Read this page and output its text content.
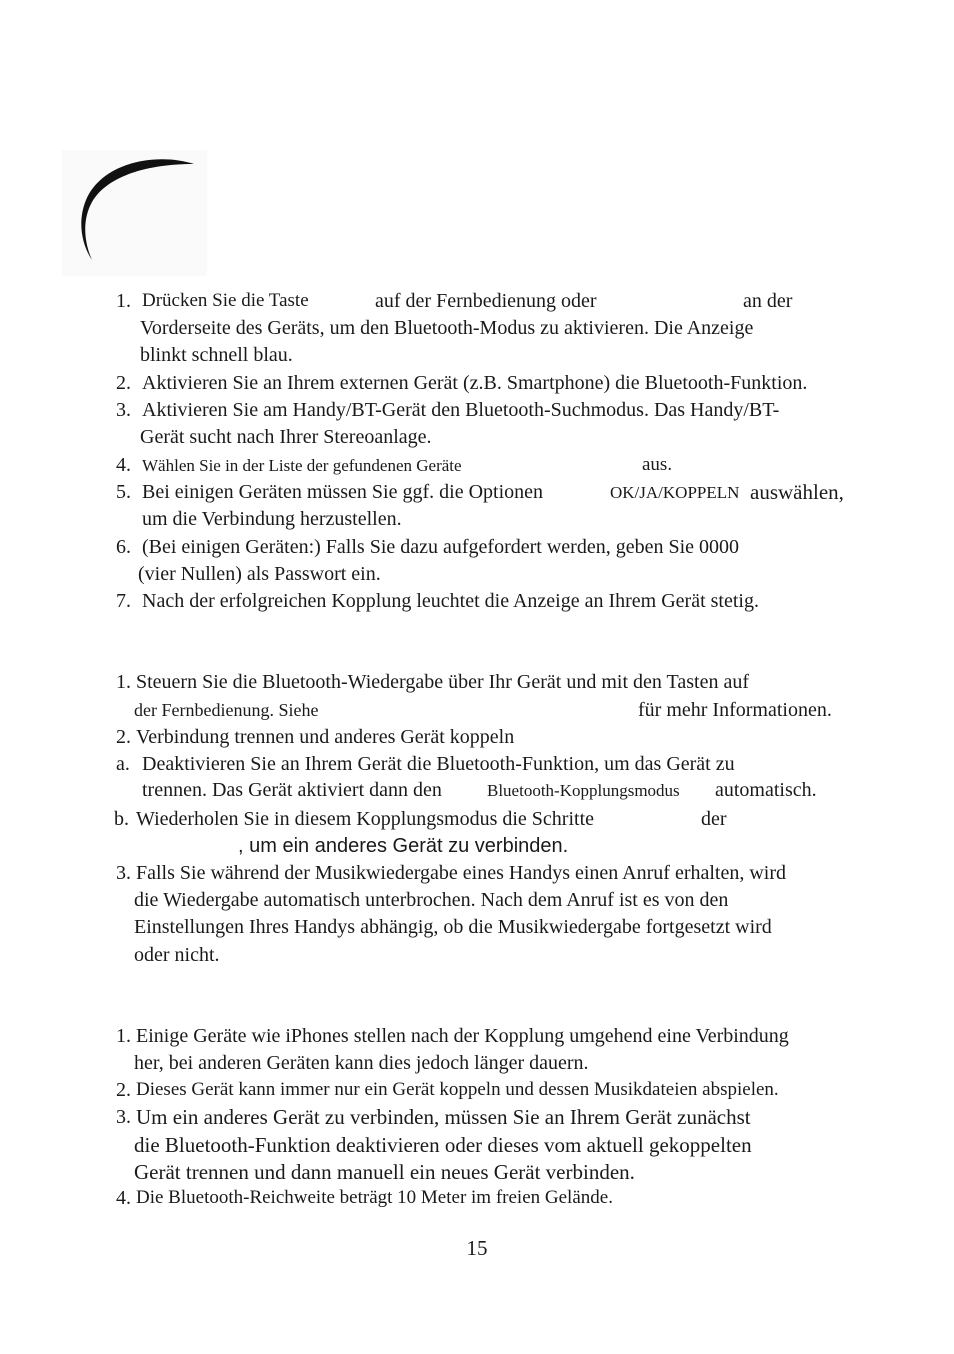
1. Drücken Sie die Taste	auf der Fernbedienung oder	an der
Vorderseite des Geräts, um den Bluetooth-Modus zu aktivieren. Die Anzeige
blinkt schnell blau.
2. Aktivieren Sie an Ihrem externen Gerät (z.B. Smartphone) die Bluetooth-Funktion.
3. Aktivieren Sie am Handy/BT-Gerät den Bluetooth-Suchmodus. Das Handy/BT-
Gerät sucht nach Ihrer Stereoanlage.
4. Wählen Sie in der Liste der gefundenen Geräte	aus.
5. Bei einigen Geräten müssen Sie ggf. die Optionen	OK/JA/KOPPELN auswählen,
um die Verbindung herzustellen.
6. (Bei einigen Geräten:) Falls Sie dazu aufgefordert werden, geben Sie 0000
(vier Nullen) als Passwort ein.
7. Nach der erfolgreichen Kopplung leuchtet die Anzeige an Ihrem Gerät stetig.
1. Steuern Sie die Bluetooth-Wiedergabe über Ihr Gerät und mit den Tasten auf
der Fernbedienung. Siehe	für mehr Informationen.
2. Verbindung trennen und anderes Gerät koppeln
a. Deaktivieren Sie an Ihrem Gerät die Bluetooth-Funktion, um das Gerät zu
trennen. Das Gerät aktiviert dann den	Bluetooth-Kopplungsmodus automatisch.
b. Wiederholen Sie in diesem Kopplungsmodus die Schritte	der
, um ein anderes Gerät zu verbinden.
3. Falls Sie während der Musikwiedergabe eines Handys einen Anruf erhalten, wird
die Wiedergabe automatisch unterbrochen. Nach dem Anruf ist es von den
Einstellungen Ihres Handys abhängig, ob die Musikwiedergabe fortgesetzt wird
oder nicht.
1. Einige Geräte wie iPhones stellen nach der Kopplung umgehend eine Verbindung
her, bei anderen Geräten kann dies jedoch länger dauern.
2. Dieses Gerät kann immer nur ein Gerät koppeln und dessen Musikdateien abspielen.
3. Um ein anderes Gerät zu verbinden, müssen Sie an Ihrem Gerät zunächst
die Bluetooth-Funktion deaktivieren oder dieses vom aktuell gekoppelten
Gerät trennen und dann manuell ein neues Gerät verbinden.
4. Die Bluetooth-Reichweite beträgt 10 Meter im freien Gelände.
15
